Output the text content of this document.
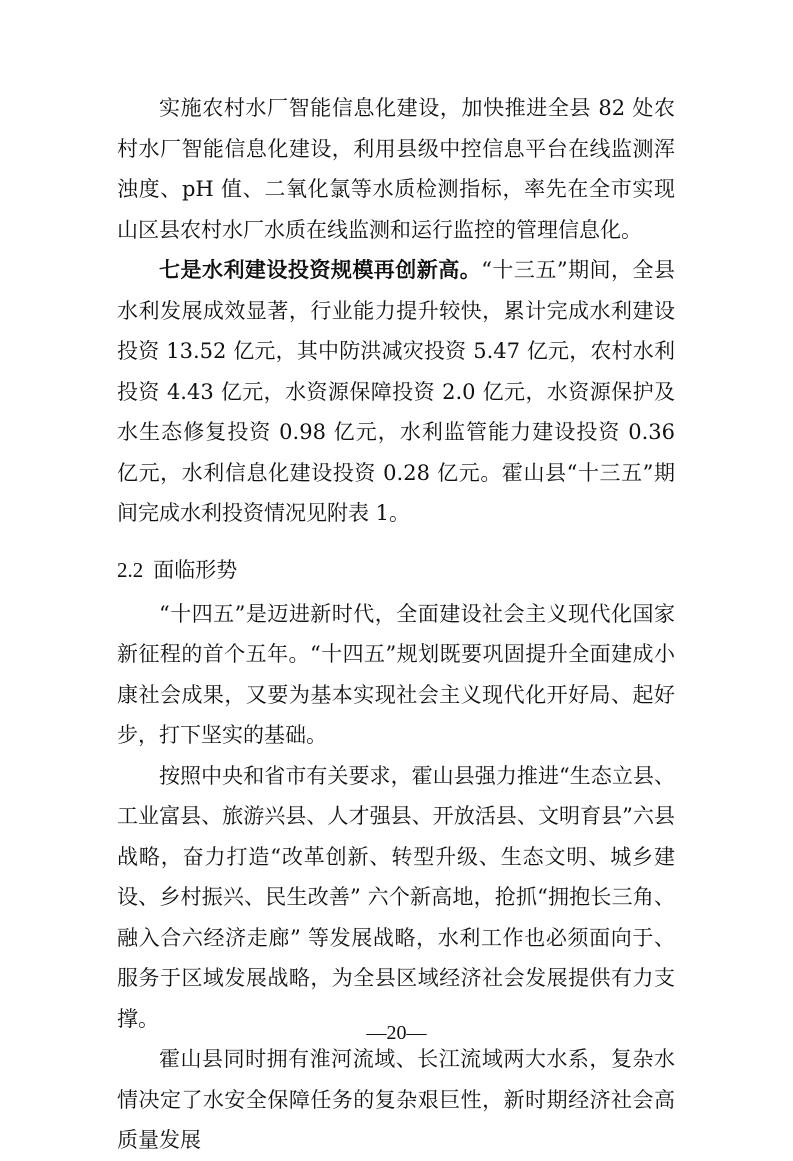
实施农村水厂智能信息化建设，加快推进全县 82 处农村水厂智能信息化建设，利用县级中控信息平台在线监测浑浊度、pH 值、二氧化氯等水质检测指标，率先在全市实现山区县农村水厂水质在线监测和运行监控的管理信息化。

七是水利建设投资规模再创新高。“十三五”期间，全县水利发展成效显著，行业能力提升较快，累计完成水利建设投资 13.52 亿元，其中防洪减灾投资 5.47 亿元，农村水利投资 4.43 亿元，水资源保障投资 2.0 亿元，水资源保护及水生态修复投资 0.98 亿元，水利监管能力建设投资 0.36 亿元，水利信息化建设投资 0.28 亿元。霍山县“十三五”期间完成水利投资情况见附表 1。

2.2 面临形势

“十四五”是迈进新时代，全面建设社会主义现代化国家新征程的首个五年。“十四五”规划既要巩固提升全面建成小康社会成果，又要为基本实现社会主义现代化开好局、起好步，打下坚实的基础。

按照中央和省市有关要求，霍山县强力推进“生态立县、工业富县、旅游兴县、人才强县、开放活县、文明育县”六县战略，奋力打造“改革创新、转型升级、生态文明、城乡建设、乡村振兴、民生改善” 六个新高地，抢抓“拥抱长三角、融入合六经济走廊” 等发展战略，水利工作也必须面向于、服务于区域发展战略，为全县区域经济社会发展提供有力支撑。

霍山县同时拥有淮河流域、长江流域两大水系，复杂水情决定了水安全保障任务的复杂艰巨性，新时期经济社会高质量发展

—20—
